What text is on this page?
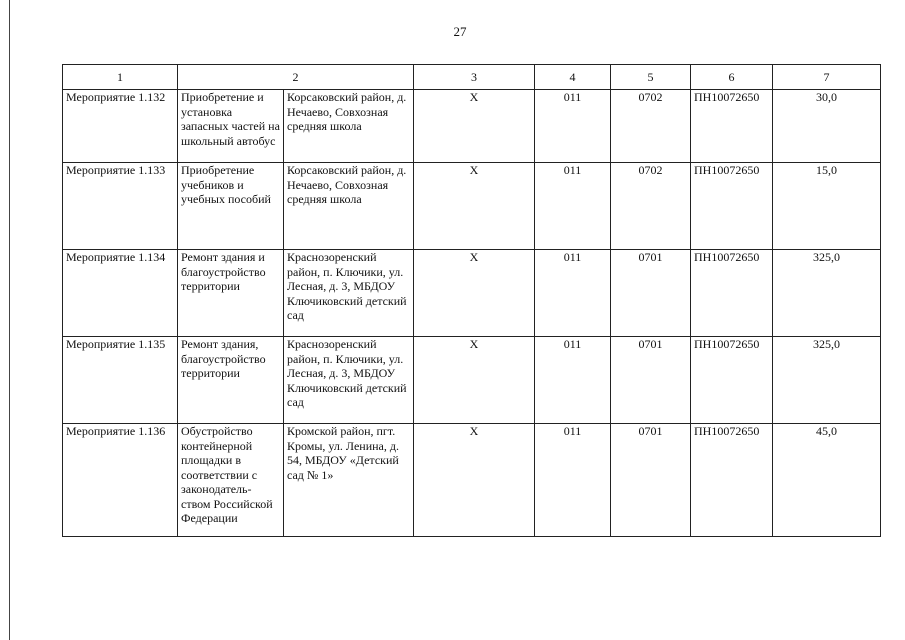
27
1	2		3	4	5	6	7
Мероприятие 1.132	Приобретение и установка запасных частей на школьный автобус	Корсаковский район, д. Нечаево, Совхозная средняя школа	Х	011	0702	ПН10072650	30,0
Мероприятие 1.133	Приобретение учебников и учебных пособий	Корсаковский район, д. Нечаево, Совхозная средняя школа	Х	011	0702	ПН10072650	15,0
Мероприятие 1.134	Ремонт здания и благоустройство территории	Краснозоренский район, п. Ключики, ул. Лесная, д. 3, МБДОУ Ключиковский детский сад	Х	011	0701	ПН10072650	325,0
Мероприятие 1.135	Ремонт здания, благоустройство территории	Краснозоренский район, п. Ключики, ул. Лесная, д. 3, МБДОУ Ключиковский детский сад	Х	011	0701	ПН10072650	325,0
Мероприятие 1.136	Обустройство контейнерной площадки в соответствии с законодатель-ством Российской Федерации	Кромской район, пгт. Кромы, ул. Ленина, д. 54, МБДОУ «Детский сад № 1»	Х	011	0701	ПН10072650	45,0
